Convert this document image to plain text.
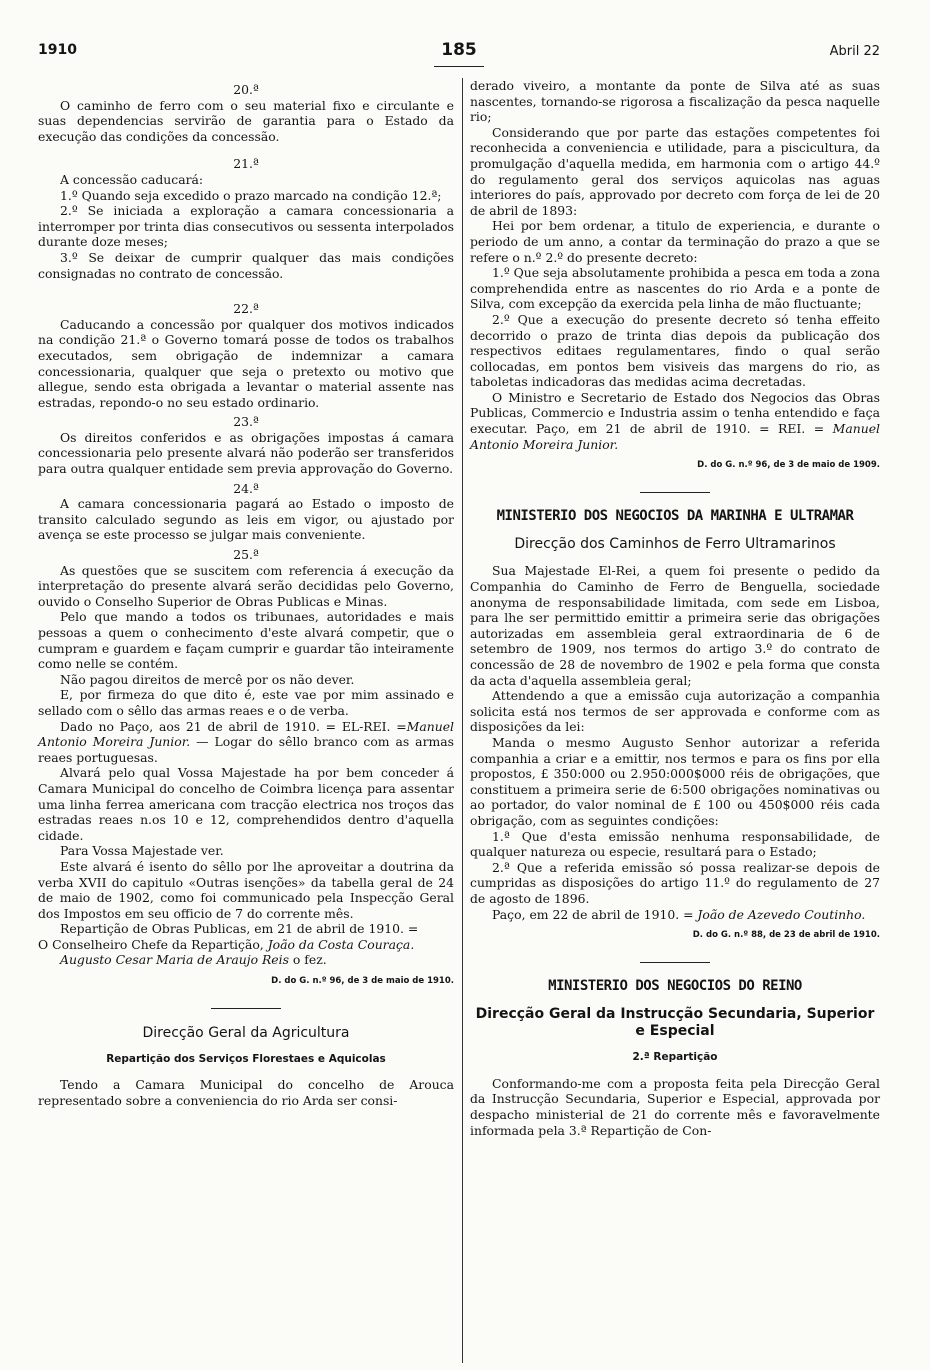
1910	185	Abril 22
20.ª

O caminho de ferro com o seu material fixo e circulante e suas dependencias servirão de garantia para o Estado da execução das condições da concessão.

21.ª

A concessão caducará:

1.º Quando seja excedido o prazo marcado na condição 12.ª;

2.º Se iniciada a exploração a camara concessionaria a interromper por trinta dias consecutivos ou sessenta interpolados durante doze meses;

3.º Se deixar de cumprir qualquer das mais condições consignadas no contrato de concessão.

22.ª

Caducando a concessão por qualquer dos motivos indicados na condição 21.ª o Governo tomará posse de todos os trabalhos executados, sem obrigação de indemnizar a camara concessionaria, qualquer que seja o pretexto ou motivo que allegue, sendo esta obrigada a levantar o material assente nas estradas, repondo-o no seu estado ordinario.

23.ª

Os direitos conferidos e as obrigações impostas á camara concessionaria pelo presente alvará não poderão ser transferidos para outra qualquer entidade sem previa approvação do Governo.

24.ª

A camara concessionaria pagará ao Estado o imposto de transito calculado segundo as leis em vigor, ou ajustado por avença se este processo se julgar mais conveniente.

25.ª

As questões que se suscitem com referencia á execução da interpretação do presente alvará serão decididas pelo Governo, ouvido o Conselho Superior de Obras Publicas e Minas.

Pelo que mando a todos os tribunaes, autoridades e mais pessoas a quem o conhecimento d'este alvará competir, que o cumpram e guardem e façam cumprir e guardar tão inteiramente como nelle se contém.

Não pagou direitos de mercê por os não dever.

E, por firmeza do que dito é, este vae por mim assinado e sellado com o sêllo das armas reaes e o de verba.

Dado no Paço, aos 21 de abril de 1910. = EL-REI. =Manuel Antonio Moreira Junior. — Logar do sêllo branco com as armas reaes portuguesas.

Alvará pelo qual Vossa Majestade ha por bem conceder á Camara Municipal do concelho de Coimbra licença para assentar uma linha ferrea americana com tracção electrica nos troços das estradas reaes n.os 10 e 12, comprehendidos dentro d'aquella cidade.

Para Vossa Majestade ver.

Este alvará é isento do sêllo por lhe aproveitar a doutrina da verba XVII do capitulo «Outras isenções» da tabella geral de 24 de maio de 1902, como foi communicado pela Inspecção Geral dos Impostos em seu officio de 7 do corrente mês.

Repartição de Obras Publicas, em 21 de abril de 1910. =

O Conselheiro Chefe da Repartição, João da Costa Couraça.

Augusto Cesar Maria de Araujo Reis o fez.

D. do G. n.º 96, de 3 de maio de 1910.
Direcção Geral da Agricultura
Repartição dos Serviços Florestaes e Aquicolas

Tendo a Camara Municipal do concelho de Arouca representado sobre a conveniencia do rio Arda ser consi-

derado viveiro, a montante da ponte de Silva até as suas nascentes, tornando-se rigorosa a fiscalização da pesca naquelle rio;

Considerando que por parte das estações competentes foi reconhecida a conveniencia e utilidade, para a piscicultura, da promulgação d'aquella medida, em harmonia com o artigo 44.º do regulamento geral dos serviços aquicolas nas aguas interiores do país, approvado por decreto com força de lei de 20 de abril de 1893:

Hei por bem ordenar, a titulo de experiencia, e durante o periodo de um anno, a contar da terminação do prazo a que se refere o n.º 2.º do presente decreto:

1.º Que seja absolutamente prohibida a pesca em toda a zona comprehendida entre as nascentes do rio Arda e a ponte de Silva, com excepção da exercida pela linha de mão fluctuante;

2.º Que a execução do presente decreto só tenha effeito decorrido o prazo de trinta dias depois da publicação dos respectivos editaes regulamentares, findo o qual serão collocadas, em pontos bem visiveis das margens do rio, as taboletas indicadoras das medidas acima decretadas.

O Ministro e Secretario de Estado dos Negocios das Obras Publicas, Commercio e Industria assim o tenha entendido e faça executar. Paço, em 21 de abril de 1910. = REI. = Manuel Antonio Moreira Junior.

D. do G. n.º 96, de 3 de maio de 1909.
MINISTERIO DOS NEGOCIOS DA MARINHA E ULTRAMAR
Direcção dos Caminhos de Ferro Ultramarinos

Sua Majestade El-Rei, a quem foi presente o pedido da Companhia do Caminho de Ferro de Benguella, sociedade anonyma de responsabilidade limitada, com sede em Lisboa, para lhe ser permittido emittir a primeira serie das obrigações autorizadas em assembleia geral extraordinaria de 6 de setembro de 1909, nos termos do artigo 3.º do contrato de concessão de 28 de novembro de 1902 e pela forma que consta da acta d'aquella assembleia geral;

Attendendo a que a emissão cuja autorização a companhia solicita está nos termos de ser approvada e conforme com as disposições da lei:

Manda o mesmo Augusto Senhor autorizar a referida companhia a criar e a emittir, nos termos e para os fins por ella propostos, £ 350:000 ou 2.950:000$000 réis de obrigações, que constituem a primeira serie de 6:500 obrigações nominativas ou ao portador, do valor nominal de £ 100 ou 450$000 réis cada obrigação, com as seguintes condições:

1.ª Que d'esta emissão nenhuma responsabilidade, de qualquer natureza ou especie, resultará para o Estado;

2.ª Que a referida emissão só possa realizar-se depois de cumpridas as disposições do artigo 11.º do regulamento de 27 de agosto de 1896.

Paço, em 22 de abril de 1910. = João de Azevedo Coutinho.

D. do G. n.º 88, de 23 de abril de 1910.
MINISTERIO DOS NEGOCIOS DO REINO
Direcção Geral da Instrucção Secundaria, Superior e Especial
2.ª Repartição

Conformando-me com a proposta feita pela Direcção Geral da Instrucção Secundaria, Superior e Especial, approvada por despacho ministerial de 21 do corrente mês e favoravelmente informada pela 3.ª Repartição de Con-
